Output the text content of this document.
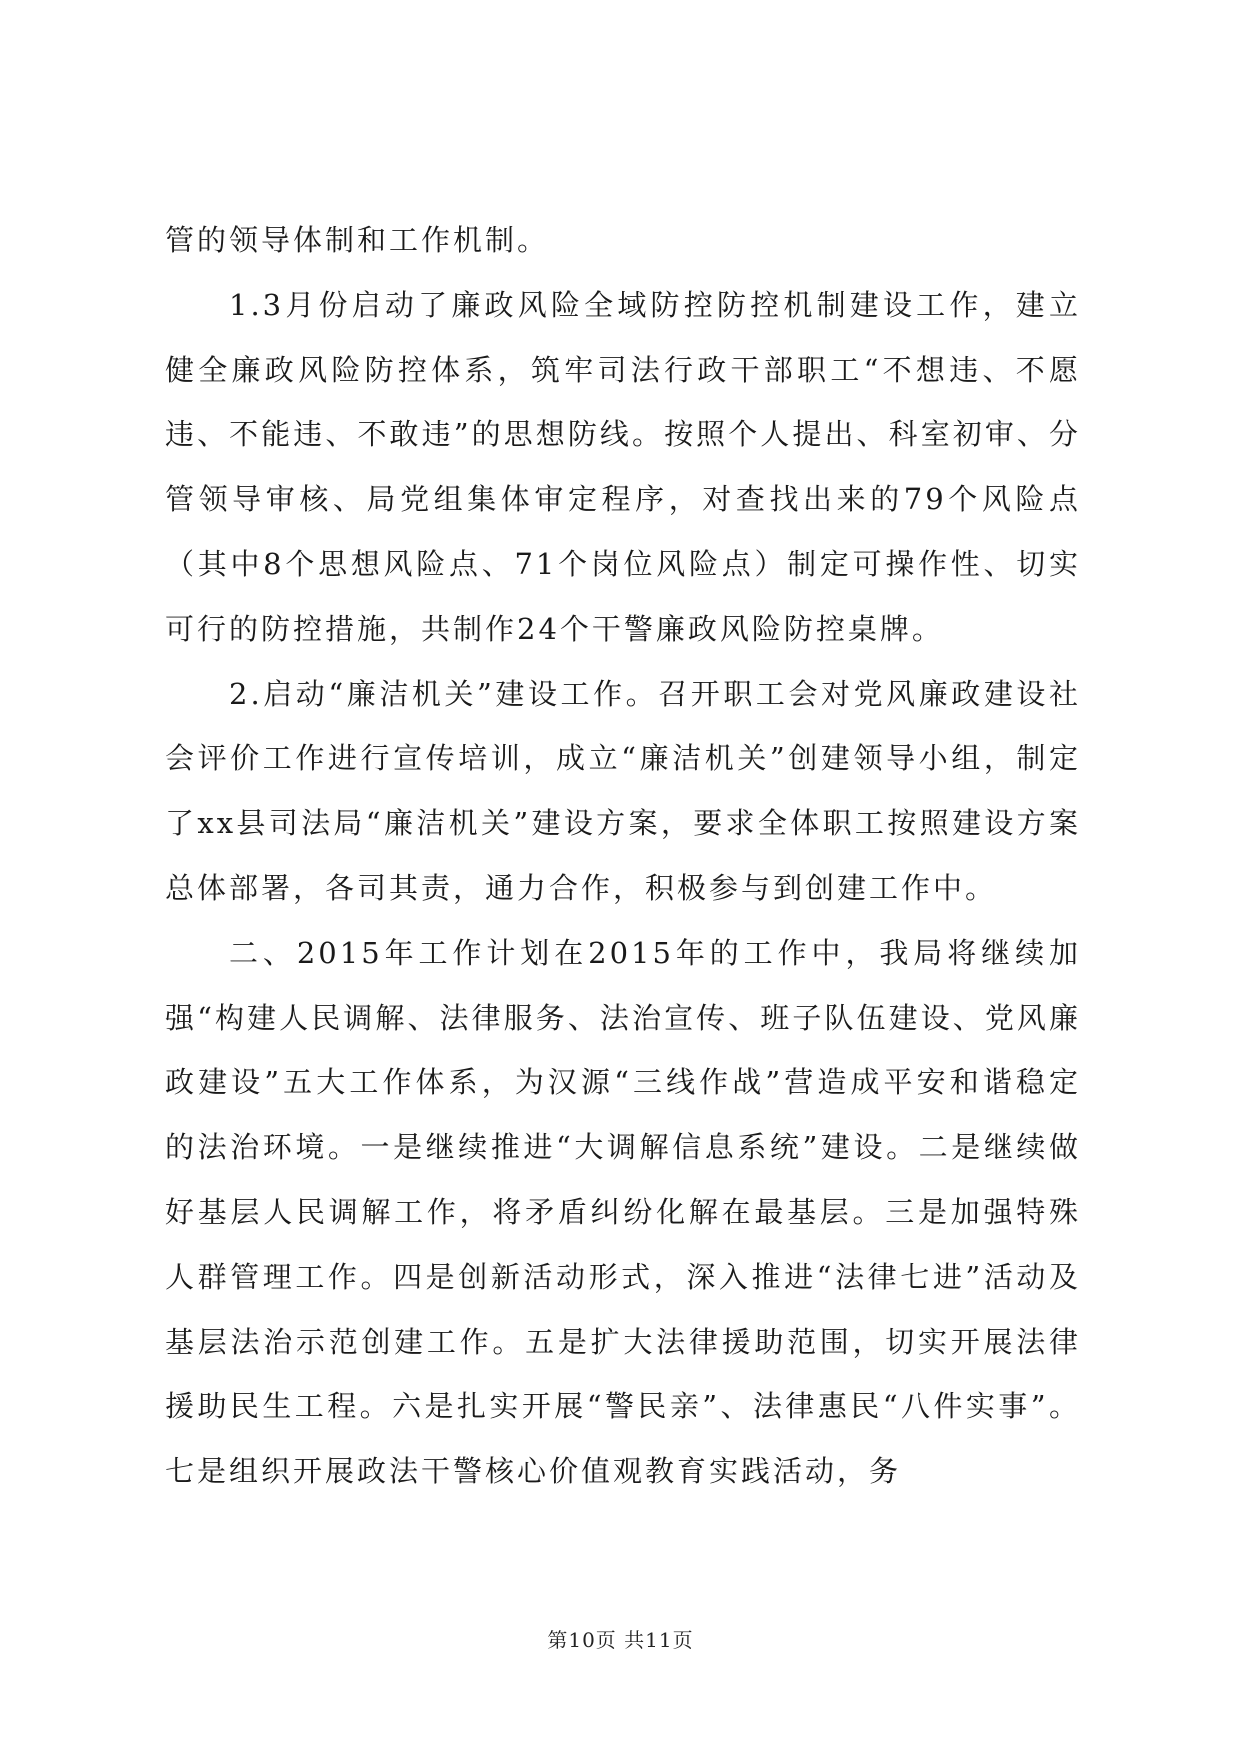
管的领导体制和工作机制。

1.3月份启动了廉政风险全域防控防控机制建设工作，建立健全廉政风险防控体系，筑牢司法行政干部职工“不想违、不愿违、不能违、不敢违”的思想防线。按照个人提出、科室初审、分管领导审核、局党组集体审定程序，对查找出来的79个风险点（其中8个思想风险点、71个岗位风险点）制定可操作性、切实可行的防控措施，共制作24个干警廉政风险防控桌牌。

2.启动“廉洁机关”建设工作。召开职工会对党风廉政建设社会评价工作进行宣传培训，成立“廉洁机关”创建领导小组，制定了xx县司法局“廉洁机关”建设方案，要求全体职工按照建设方案总体部署，各司其责，通力合作，积极参与到创建工作中。

二、2015年工作计划在2015年的工作中，我局将继续加强“构建人民调解、法律服务、法治宣传、班子队伍建设、党风廉政建设”五大工作体系，为汉源“三线作战”营造成平安和谐稳定的法治环境。一是继续推进“大调解信息系统”建设。二是继续做好基层人民调解工作，将矛盾纠纷化解在最基层。三是加强特殊人群管理工作。四是创新活动形式，深入推进“法律七进”活动及基层法治示范创建工作。五是扩大法律援助范围，切实开展法律援助民生工程。六是扎实开展“警民亲”、法律惠民“八件实事”。七是组织开展政法干警核心价值观教育实践活动，务

第10页 共11页
